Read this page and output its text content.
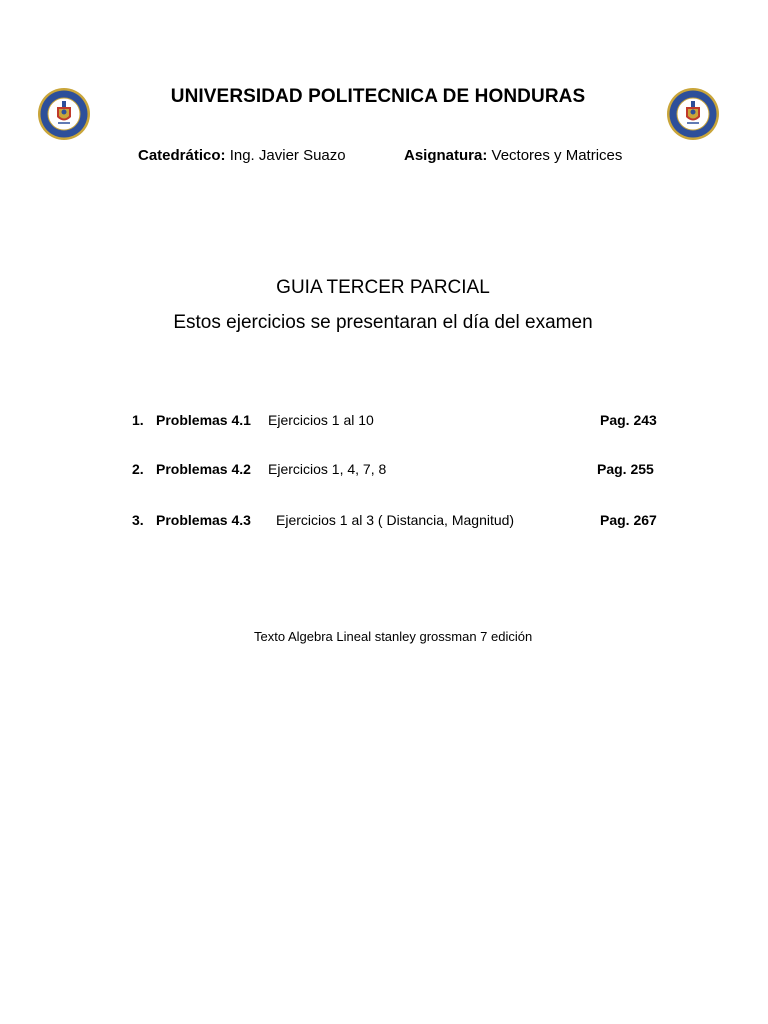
UNIVERSIDAD POLITECNICA DE HONDURAS
Catedrático: Ing. Javier Suazo	Asignatura: Vectores y Matrices
GUIA TERCER PARCIAL
Estos ejercicios se presentaran el día del examen
1. Problemas 4.1 Ejercicios 1 al 10	Pag. 243
2. Problemas 4.2 Ejercicios 1, 4, 7, 8	Pag. 255
3. Problemas 4.3 Ejercicios 1 al 3 ( Distancia, Magnitud)	Pag. 267
Texto Algebra Lineal stanley grossman 7 edición
